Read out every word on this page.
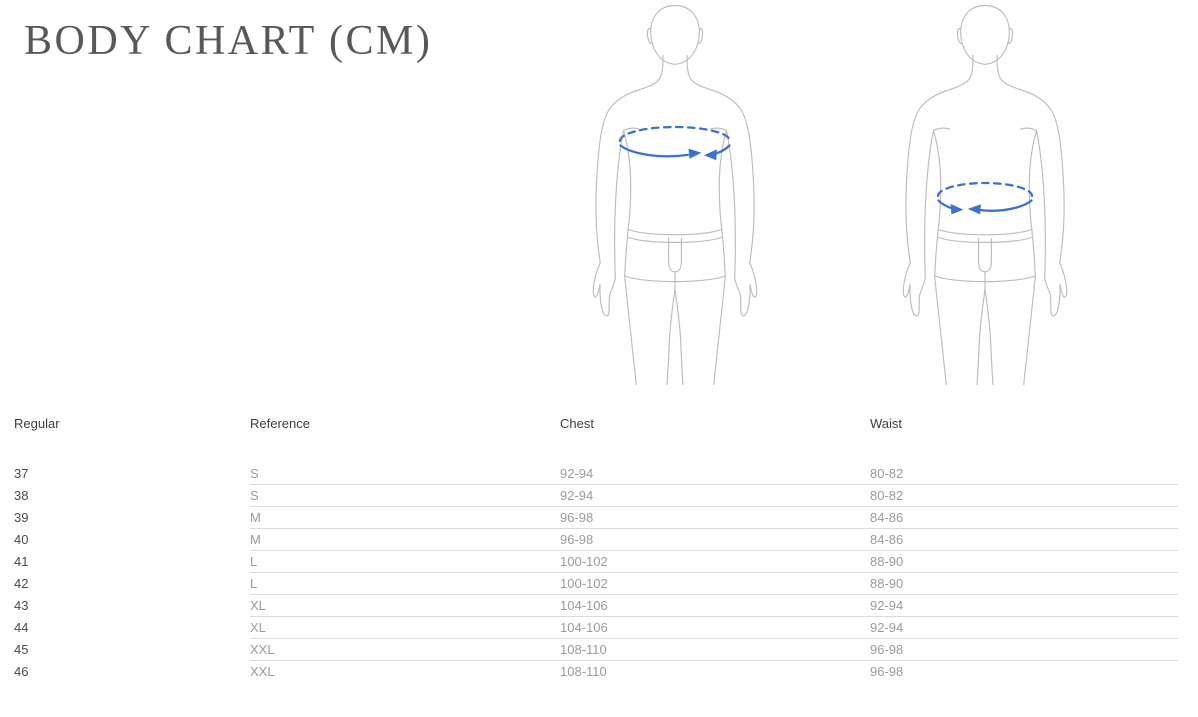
BODY CHART (CM)
Regular	Reference	Chest	Waist
37	S	92-94	80-82
38	S	92-94	80-82
39	M	96-98	84-86
40	M	96-98	84-86
41	L	100-102	88-90
42	L	100-102	88-90
43	XL	104-106	92-94
44	XL	104-106	92-94
45	XXL	108-110	96-98
46	XXL	108-110	96-98
